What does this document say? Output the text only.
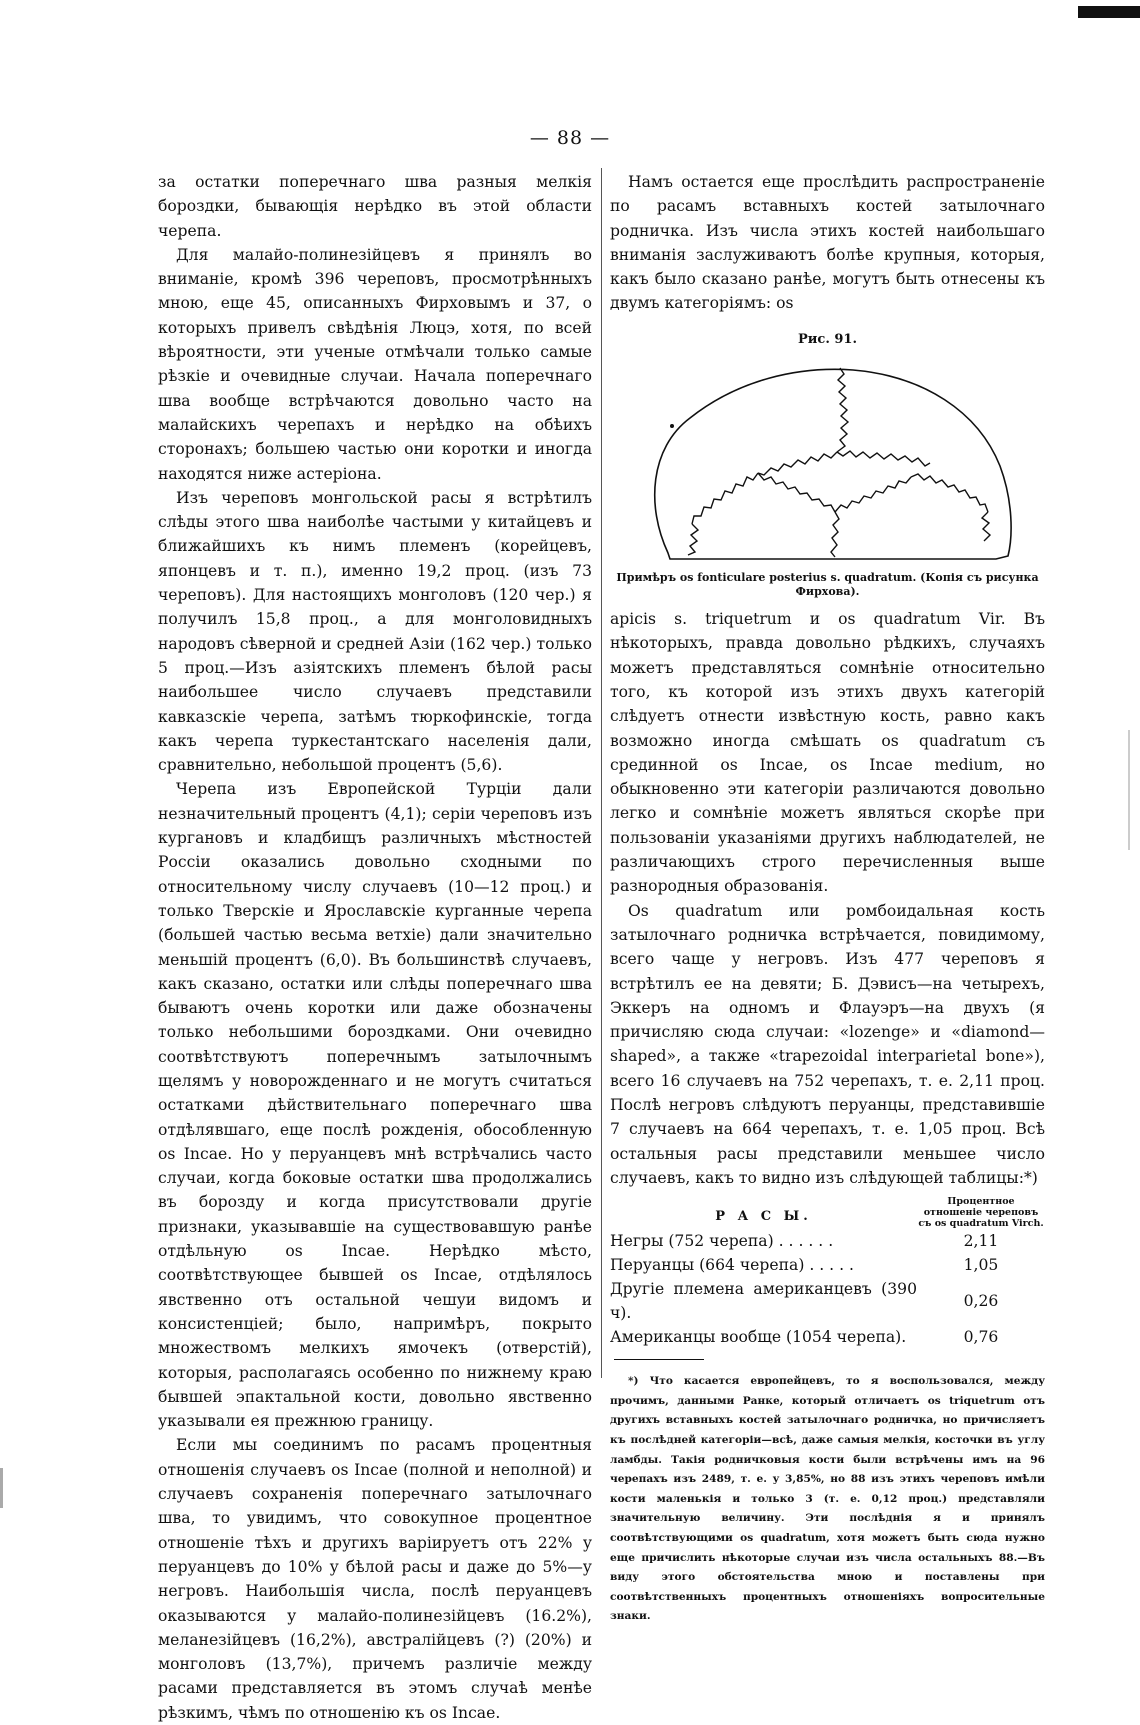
— 88 —

за остатки поперечнаго шва разныя мелкія бороздки, бывающія нерѣдко въ этой области черепа.

Для малайо-полинезійцевъ я принялъ во вниманіе, кромѣ 396 череповъ, просмотрѣнныхъ мною, еще 45, описанныхъ Фирховымъ и 37, о которыхъ привелъ свѣдѣнія Люцэ, хотя, по всей вѣроятности, эти ученые отмѣчали только самые рѣзкіе и очевидные случаи. Начала поперечнаго шва вообще встрѣчаются довольно часто на малайскихъ черепахъ и нерѣдко на обѣихъ сторонахъ; большею частью они коротки и иногда находятся ниже астеріона.

Изъ череповъ монгольской расы я встрѣтилъ слѣды этого шва наиболѣе частыми у китайцевъ и ближайшихъ къ нимъ племенъ (корейцевъ, японцевъ и т. п.), именно 19,2 проц. (изъ 73 череповъ). Для настоящихъ монголовъ (120 чер.) я получилъ 15,8 проц., а для монголовидныхъ народовъ сѣверной и средней Азіи (162 чер.) только 5 проц.—Изъ азіятскихъ племенъ бѣлой расы наибольшее число случаевъ представили кавказскіе черепа, затѣмъ тюркофинскіе, тогда какъ черепа туркестантскаго населенія дали, сравнительно, небольшой процентъ (5,6).

Черепа изъ Европейской Турціи дали незначительный процентъ (4,1); серіи череповъ изъ кургановъ и кладбищъ различныхъ мѣстностей Россіи оказались довольно сходными по относительному числу случаевъ (10—12 проц.) и только Тверскіе и Ярославскіе курганные черепа (большей частью весьма ветхіе) дали значительно меньшій процентъ (6,0). Въ большинствѣ случаевъ, какъ сказано, остатки или слѣды поперечнаго шва бываютъ очень коротки или даже обозначены только небольшими бороздками. Они очевидно соотвѣтствуютъ поперечнымъ затылочнымъ щелямъ у новорожденнаго и не могутъ считаться остатками дѣйствительнаго поперечнаго шва отдѣлявшаго, еще послѣ рожденія, обособленную os Incae. Но у перуанцевъ мнѣ встрѣчались часто случаи, когда боковые остатки шва продолжались въ борозду и когда присутствовали другіе признаки, указывавшіе на существовавшую ранѣе отдѣльную os Incae. Нерѣдко мѣсто, соотвѣтствующее бывшей os Incae, отдѣлялось явственно отъ остальной чешуи видомъ и консистенціей; было, напримѣръ, покрыто множествомъ мелкихъ ямочекъ (отверстій), которыя, располагаясь особенно по нижнему краю бывшей эпактальной кости, довольно явственно указывали ея прежнюю границу.

Если мы соединимъ по расамъ процентныя отношенія случаевъ os Incae (полной и неполной) и случаевъ сохраненія поперечнаго затылочнаго шва, то увидимъ, что совокупное процентное отношеніе тѣхъ и другихъ варіируетъ отъ 22% у перуанцевъ до 10% у бѣлой расы и даже до 5%—у негровъ. Наибольшія числа, послѣ перуанцевъ оказываются у малайо-полинезійцевъ (16.2%), меланезійцевъ (16,2%), австралійцевъ (?) (20%) и монголовъ (13,7%), причемъ различіе между расами представляется въ этомъ случаѣ менѣе рѣзкимъ, чѣмъ по отношенію къ os Incae.

Намъ остается еще прослѣдить распространеніе по расамъ вставныхъ костей затылочнаго родничка. Изъ числа этихъ костей наибольшаго вниманія заслуживаютъ болѣе крупныя, которыя, какъ было сказано ранѣе, могутъ быть отнесены къ двумъ категоріямъ: os

Рис. 91.
Примѣръ os fonticulare posterius s. quadratum. (Копія съ рисунка Фирхова).

apicis s. triquetrum и os quadratum Vir. Въ нѣкоторыхъ, правда довольно рѣдкихъ, случаяхъ можетъ представляться сомнѣніе относительно того, къ которой изъ этихъ двухъ категорій слѣдуетъ отнести извѣстную кость, равно какъ возможно иногда смѣшать os quadratum съ срединной os Incae, os Incae medium, но обыкновенно эти категоріи различаются довольно легко и сомнѣніе можетъ являться скорѣе при пользованіи указаніями другихъ наблюдателей, не различающихъ строго перечисленныя выше разнородныя образованія.

Os quadratum или ромбоидальная кость затылочнаго родничка встрѣчается, повидимому, всего чаще у негровъ. Изъ 477 череповъ я встрѣтилъ ее на девяти; Б. Дэвисъ—на четырехъ, Эккеръ на одномъ и Флауэръ—на двухъ (я причисляю сюда случаи: «lozenge» и «diamond—shaped», а также «trapezoidal interparietal bone»), всего 16 случаевъ на 752 черепахъ, т. е. 2,11 проц. Послѣ негровъ слѣдуютъ перуанцы, представившіе 7 случаевъ на 664 черепахъ, т. е. 1,05 проц. Всѣ остальныя расы представили меньшее число случаевъ, какъ то видно изъ слѣдующей таблицы:*)

Р А С Ы.	Процентное отношеніе череповъ съ os quadratum Virch.
Негры (752 черепа) . . . . . .	2,11
Перуанцы (664 черепа) . . . . .	1,05
Другіе племена американцевъ (390 ч).	0,26
Американцы вообще (1054 черепа).	0,76

*) Что касается европейцевъ, то я воспользовался, между прочимъ, данными Ранке, который отличаетъ os triquetrum отъ другихъ вставныхъ костей затылочнаго родничка, но причисляетъ къ послѣдней категоріи—всѣ, даже самыя мелкія, косточки въ углу ламбды. Такія родничковыя кости были встрѣчены имъ на 96 черепахъ изъ 2489, т. е. у 3,85%, но 88 изъ этихъ череповъ имѣли кости маленькія и только 3 (т. е. 0,12 проц.) представляли значительную величину. Эти послѣднія я и принялъ соотвѣтствующими os quadratum, хотя можетъ быть сюда нужно еще причислить нѣкоторые случаи изъ числа остальныхъ 88.—Въ виду этого обстоятельства мною и поставлены при соотвѣтственныхъ процентныхъ отношеніяхъ вопросительные знаки.
